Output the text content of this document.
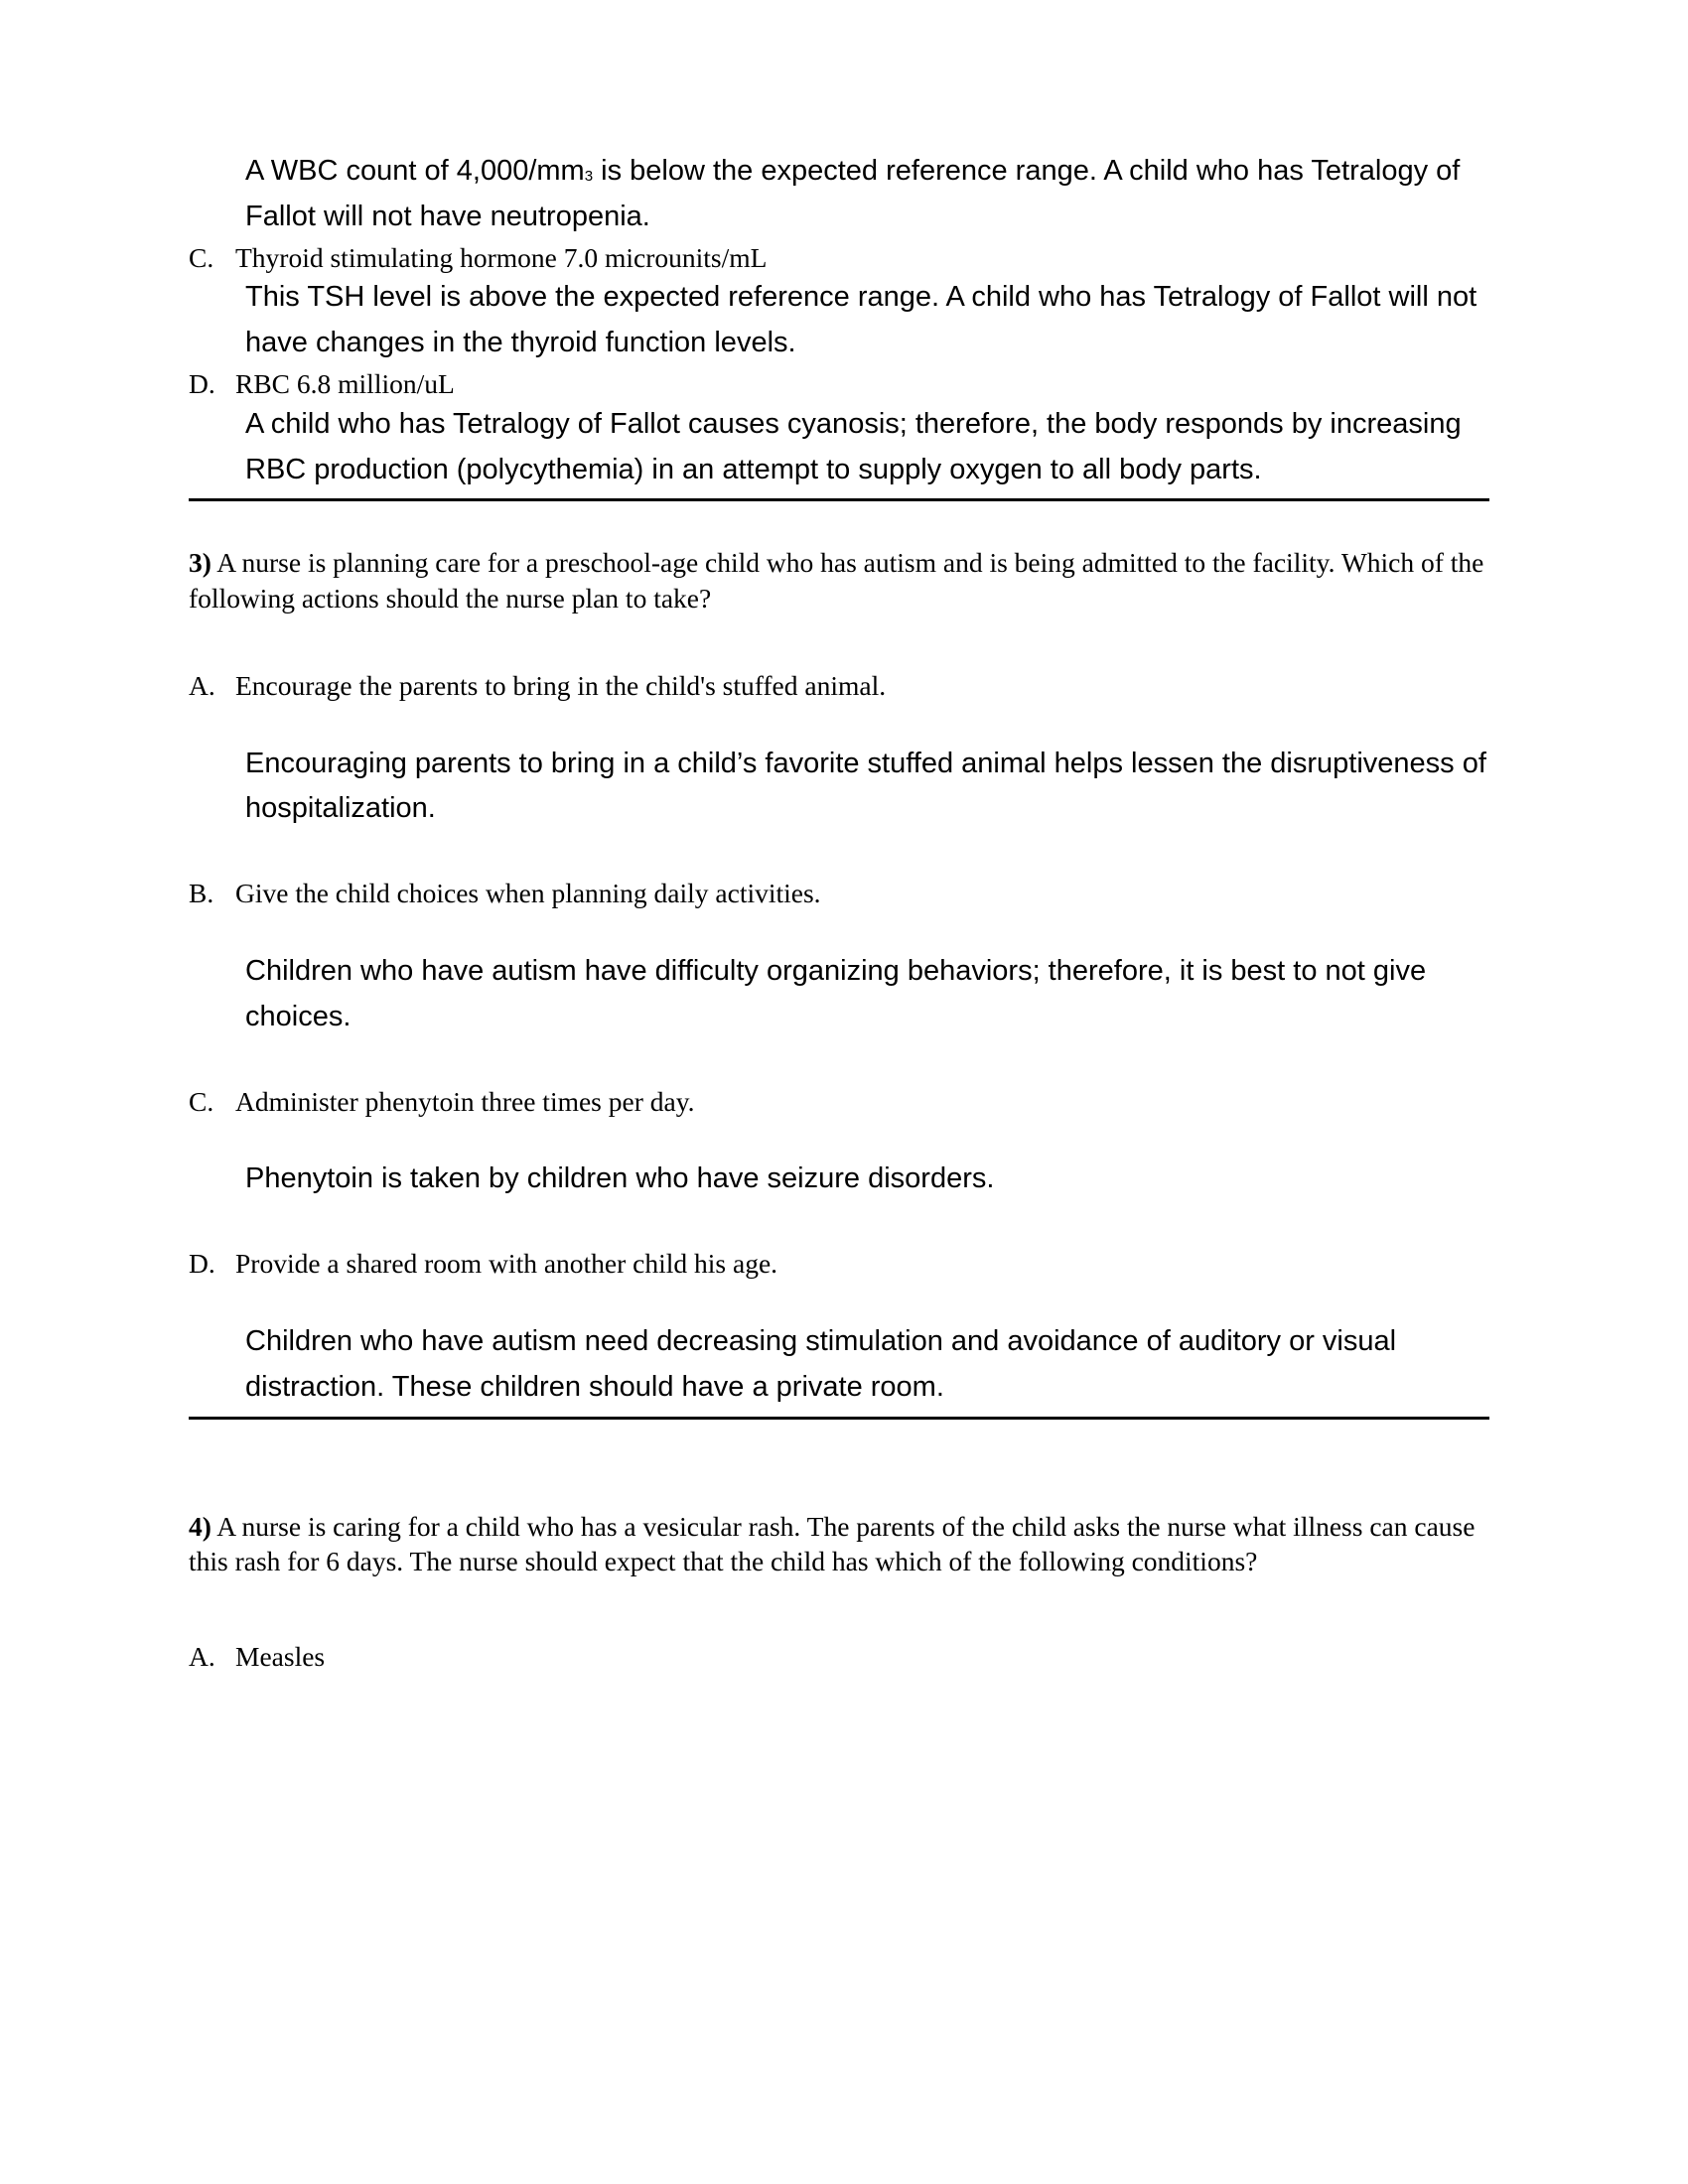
A WBC count of $4,000/mm^3$ is below the expected reference range. A child who has Tetralogy of Fallot will not have neutropenia.
C. Thyroid stimulating hormone 7.0 microunits/mL
This TSH level is above the expected reference range. A child who has Tetralogy of Fallot will not have changes in the thyroid function levels.
D. RBC 6.8 million/uL
A child who has Tetralogy of Fallot causes cyanosis; therefore, the body responds by increasing RBC production (polycythemia) in an attempt to supply oxygen to all body parts.

3) A nurse is planning care for a preschool-age child who has autism and is being admitted to the facility. Which of the following actions should the nurse plan to take?

A. Encourage the parents to bring in the child's stuffed animal.
Encouraging parents to bring in a child’s favorite stuffed animal helps lessen the disruptiveness of hospitalization.
B. Give the child choices when planning daily activities.
Children who have autism have difficulty organizing behaviors; therefore, it is best to not give choices.
C. Administer phenytoin three times per day.
Phenytoin is taken by children who have seizure disorders.
D. Provide a shared room with another child his age.
Children who have autism need decreasing stimulation and avoidance of auditory or visual distraction. These children should have a private room.

4) A nurse is caring for a child who has a vesicular rash. The parents of the child asks the nurse what illness can cause this rash for 6 days. The nurse should expect that the child has which of the following conditions?

A. Measles
